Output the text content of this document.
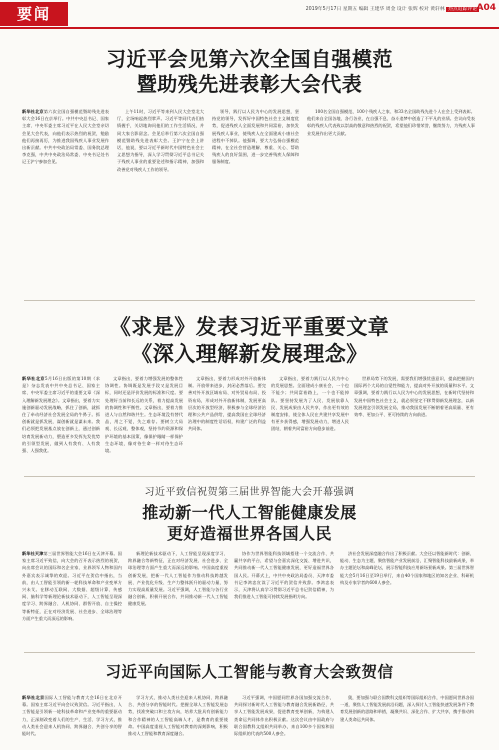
要闻	2019年5月17日 星期五 编辑 王建华 周金 设计 张辉 校对 黄轩林 热点追踪评论 A04
习近平会见第六次全国自强模范
暨助残先进表彰大会代表

新华社北京第六次全国自强模范暨助残先进表彰大会16日在京举行。中共中央总书记、国家主席、中央军委主席习近平在人民大会堂亲切会见大会代表，向他们表示热烈的祝贺，勉励他们再接再厉，为推进我国残疾人事业发展作出新贡献。中共中央政治局常委、国务院总理李克强，中共中央政治局常委、中央书记处书记王沪宁参加会见。

上午11时，习近平等来到人民大会堂北大厅，全场响起热烈掌声。习近平等同代表们热情握手，关切地询问他们的工作生活情况，并同大家合影留念。会见后举行第六次全国自强模范暨助残先进表彰大会。王沪宁在会上讲话，他说，要以习近平新时代中国特色社会主义思想为指导，深入学习贯彻习近平总书记关于残疾人事业的重要论述和指示精神，加强和改善党对残疾人工作的领导。

领导，践行以人民为中心的发展思想，坚持党的领导，发挥好中国特色社会主义制度优势，促进残疾人全面发展和共同富裕，加快发展残疾人事业，使残疾人在全面建成小康社会进程中不掉队。他强调，要大力弘扬自强模范精神，在全社会营造理解、尊重、关心、帮助残疾人的良好氛围，进一步完善残疾人保障和服务制度。

100名全国自强模范、100个残疾人之家、和33名全国助残先进个人在会上受到表彰。他们来自全国各地、各行各业，在自强不息、奋斗追梦中创造了不平凡的业绩。会议向受表彰的残疾人代表致以崇高的敬意和热烈的祝贺，希望他们珍惜荣誉，继续努力，为残疾人事业发展作出更大贡献。

《求是》发表习近平重要文章
《深入理解新发展理念》

新华社北京5月16日出版的第10期《求是》杂志发表中共中央总书记、国家主席、中央军委主席习近平的重要文章《深入理解新发展理念》。文章指出，要着力实施创新驱动发展战略，抓住了创新，就抓住了牵动经济社会发展全局的牛鼻子。抓创新就是抓发展，谋创新就是谋未来。我们必须把发展基点放在创新上，通过创新培育发展新动力，塑造更多发挥先发优势的引领型发展，做到人有我有、人有我强、人强我优。

文章指出，要着力增强发展的整体性协调性。协调既是发展手段又是发展目标，同时还是评价发展的标准和尺度。要处理好当前和长远的关系，着力提高发展的协调性和平衡性。文章指出，要着力推进人与自然和谐共生。生态环境没有替代品，用之不觉，失之难存。要树立大局观、长远观、整体观，坚持节约资源和保护环境的基本国策，像保护眼睛一样保护生态环境，像对待生命一样对待生态环境。

文章指出，要着力形成对外开放新体制。开放带来进步，封闭必然落后。要完善对外开放区域布局、对外贸易布局、投资布局，形成对外开放新体制，发展更高层次的开放型经济，积极参与全球经济治理和公共产品供给，提高我国在全球经济治理中的制度性话语权，构建广泛的利益共同体。

文章指出，要着力践行以人民为中心的发展思想。全面建成小康社会，一个也不能少；共同富裕路上，一个也不能掉队。要坚持发展为了人民、发展依靠人民、发展成果由人民共享，作出更有效的制度安排，使全体人民在共建共享发展中有更多获得感，增强发展动力，增进人民团结，朝着共同富裕方向稳步前进。

世界局势下的发展，需要我们增强忧患意识，提高把握国内国际两个大局的自觉性和能力，提高对外开放的质量和水平。文章强调，要着力践行以人民为中心的发展思想，在新时代坚持和发展中国特色社会主义，就必须坚定不移贯彻新发展理念，以新发展理念引领发展全局，推动我国发展不断朝着更高质量、更有效率、更加公平、更可持续的方向前进。

习近平致信祝贺第三届世界智能大会开幕强调
推动新一代人工智能健康发展
更好造福世界各国人民

新华社天津第三届世界智能大会16日在天津开幕。国家主席习近平致信，向大会的召开表示热烈的祝贺，向出席会议的国际和名企业家、业界领军人物和国内外嘉宾表示诚挚的欢迎。习近平在贺信中指出，当前，由人工智能引领的新一轮科技革命和产业变革方兴未艾。在移动互联网、大数据、超级计算、传感网、脑科学等新理论新技术驱动下，人工智能呈现深度学习、跨界融合、人机协同、群智开放、自主操控等新特征，正在对经济发展、社会进步、全球治理等方面产生重大而深远的影响。

新理论新技术驱动下，人工智能呈现深度学习、跨界融合等新特征，正在对经济发展、社会进步、全球治理等方面产生重大而深远的影响。中国高度重视创新发展，把新一代人工智能作为推动科技跨越发展、产业优化升级、生产力整体跃升的驱动力量，努力实现高质量发展。习近平强调，人工智能与各行业融合创新，积极开展合作，共同推动新一代人工智能健康发展。

协作为世界智能科技领域搭建一个交流合作、共赢共享的平台，希望与会嘉宾深化交流、增进共识，共同推动新一代人工智能健康发展，更好造福世界各国人民。开幕式上，中共中央政治局委员、天津市委书记李鸿忠宣读了习近平的贺信并致辞。李鸿忠表示，天津将认真学习贯彻习近平总书记贺信精神，为我们推进人工智能可持续发展指明方向。

济社会发展深度融合作出了积极贡献。大会还以智能新时代：创新、能动、生态为主题，聚焦智能产业发展前沿，汇聚智能科技最新成果，举办主题论坛和高峰论坛，展示智能科技应用新场景新成果。第三届世界智能大会5月16日至19日举行，来自40个国家和地区的知名企业、科研机构及专家学者约600人参会。

习近平向国际人工智能与教育大会致贺信

新华社北京国际人工智能与教育大会16日在北京开幕。国家主席习近平向会议致贺信。习近平指出，人工智能是引领新一轮科技革命和产业变革的重要驱动力，正深刻改变着人们的生产、生活、学习方式，推动人类社会迎来人机协同、跨界融合、共创分享的智能时代。

学习方式，推动人类社会迎来人机协同、跨界融合、共创分享的智能时代。把握全球人工智能发展态势，找准突破口和主攻方向，培养大批具有创新能力和合作精神的人工智能高端人才，是教育的重要使命。中国高度重视人工智能对教育的深刻影响，积极推动人工智能和教育深度融合。

习近平强调，中国愿同世界各国加强交流合作，共同探讨新时代人工智能与教育融合发展新路径，共享人工智能发展成果，促进教育变革创新，为构建人类命运共同体作出积极贡献。这次会议由中国政府与联合国教科文组织共同举办，来自100多个国家和国际组织的代表约500人参会。

奥，要加强与联合国教科文组织等国际组织合作，中国愿同世界各国一道，聚焦人工智能发展前沿问题，深入探讨人工智能快速发展条件下教育发展创新的思路和举措，凝聚共识、深化合作、扩大共享，携手推动构建人类命运共同体。
